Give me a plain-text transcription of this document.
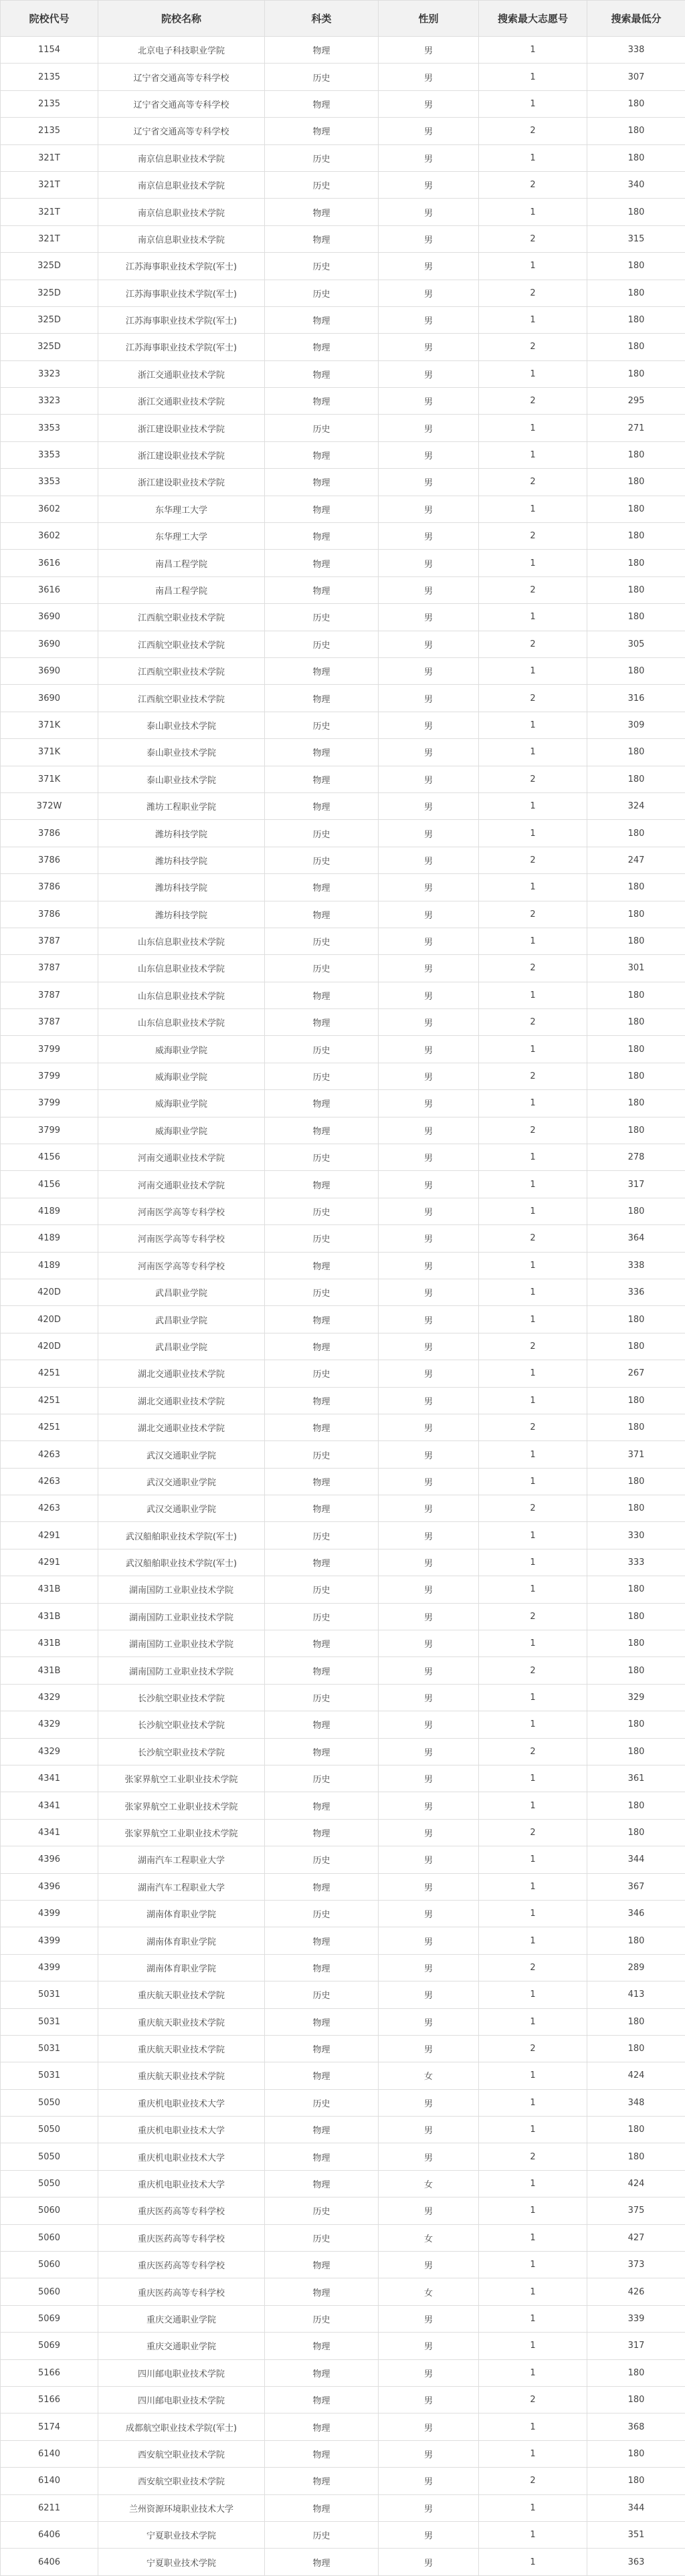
院校代号	院校名称	科类	性别	搜索最大志愿号	搜索最低分
1154	北京电子科技职业学院	物理	男	1	338
2135	辽宁省交通高等专科学校	历史	男	1	307
2135	辽宁省交通高等专科学校	物理	男	1	180
2135	辽宁省交通高等专科学校	物理	男	2	180
321T	南京信息职业技术学院	历史	男	1	180
321T	南京信息职业技术学院	历史	男	2	340
321T	南京信息职业技术学院	物理	男	1	180
321T	南京信息职业技术学院	物理	男	2	315
325D	江苏海事职业技术学院(军士)	历史	男	1	180
325D	江苏海事职业技术学院(军士)	历史	男	2	180
325D	江苏海事职业技术学院(军士)	物理	男	1	180
325D	江苏海事职业技术学院(军士)	物理	男	2	180
3323	浙江交通职业技术学院	物理	男	1	180
3323	浙江交通职业技术学院	物理	男	2	295
3353	浙江建设职业技术学院	历史	男	1	271
3353	浙江建设职业技术学院	物理	男	1	180
3353	浙江建设职业技术学院	物理	男	2	180
3602	东华理工大学	物理	男	1	180
3602	东华理工大学	物理	男	2	180
3616	南昌工程学院	物理	男	1	180
3616	南昌工程学院	物理	男	2	180
3690	江西航空职业技术学院	历史	男	1	180
3690	江西航空职业技术学院	历史	男	2	305
3690	江西航空职业技术学院	物理	男	1	180
3690	江西航空职业技术学院	物理	男	2	316
371K	泰山职业技术学院	历史	男	1	309
371K	泰山职业技术学院	物理	男	1	180
371K	泰山职业技术学院	物理	男	2	180
372W	潍坊工程职业学院	物理	男	1	324
3786	潍坊科技学院	历史	男	1	180
3786	潍坊科技学院	历史	男	2	247
3786	潍坊科技学院	物理	男	1	180
3786	潍坊科技学院	物理	男	2	180
3787	山东信息职业技术学院	历史	男	1	180
3787	山东信息职业技术学院	历史	男	2	301
3787	山东信息职业技术学院	物理	男	1	180
3787	山东信息职业技术学院	物理	男	2	180
3799	威海职业学院	历史	男	1	180
3799	威海职业学院	历史	男	2	180
3799	威海职业学院	物理	男	1	180
3799	威海职业学院	物理	男	2	180
4156	河南交通职业技术学院	历史	男	1	278
4156	河南交通职业技术学院	物理	男	1	317
4189	河南医学高等专科学校	历史	男	1	180
4189	河南医学高等专科学校	历史	男	2	364
4189	河南医学高等专科学校	物理	男	1	338
420D	武昌职业学院	历史	男	1	336
420D	武昌职业学院	物理	男	1	180
420D	武昌职业学院	物理	男	2	180
4251	湖北交通职业技术学院	历史	男	1	267
4251	湖北交通职业技术学院	物理	男	1	180
4251	湖北交通职业技术学院	物理	男	2	180
4263	武汉交通职业学院	历史	男	1	371
4263	武汉交通职业学院	物理	男	1	180
4263	武汉交通职业学院	物理	男	2	180
4291	武汉船舶职业技术学院(军士)	历史	男	1	330
4291	武汉船舶职业技术学院(军士)	物理	男	1	333
431B	湖南国防工业职业技术学院	历史	男	1	180
431B	湖南国防工业职业技术学院	历史	男	2	180
431B	湖南国防工业职业技术学院	物理	男	1	180
431B	湖南国防工业职业技术学院	物理	男	2	180
4329	长沙航空职业技术学院	历史	男	1	329
4329	长沙航空职业技术学院	物理	男	1	180
4329	长沙航空职业技术学院	物理	男	2	180
4341	张家界航空工业职业技术学院	历史	男	1	361
4341	张家界航空工业职业技术学院	物理	男	1	180
4341	张家界航空工业职业技术学院	物理	男	2	180
4396	湖南汽车工程职业大学	历史	男	1	344
4396	湖南汽车工程职业大学	物理	男	1	367
4399	湖南体育职业学院	历史	男	1	346
4399	湖南体育职业学院	物理	男	1	180
4399	湖南体育职业学院	物理	男	2	289
5031	重庆航天职业技术学院	历史	男	1	413
5031	重庆航天职业技术学院	物理	男	1	180
5031	重庆航天职业技术学院	物理	男	2	180
5031	重庆航天职业技术学院	物理	女	1	424
5050	重庆机电职业技术大学	历史	男	1	348
5050	重庆机电职业技术大学	物理	男	1	180
5050	重庆机电职业技术大学	物理	男	2	180
5050	重庆机电职业技术大学	物理	女	1	424
5060	重庆医药高等专科学校	历史	男	1	375
5060	重庆医药高等专科学校	历史	女	1	427
5060	重庆医药高等专科学校	物理	男	1	373
5060	重庆医药高等专科学校	物理	女	1	426
5069	重庆交通职业学院	历史	男	1	339
5069	重庆交通职业学院	物理	男	1	317
5166	四川邮电职业技术学院	物理	男	1	180
5166	四川邮电职业技术学院	物理	男	2	180
5174	成都航空职业技术学院(军士)	物理	男	1	368
6140	西安航空职业技术学院	物理	男	1	180
6140	西安航空职业技术学院	物理	男	2	180
6211	兰州资源环境职业技术大学	物理	男	1	344
6406	宁夏职业技术学院	历史	男	1	351
6406	宁夏职业技术学院	物理	男	1	363
